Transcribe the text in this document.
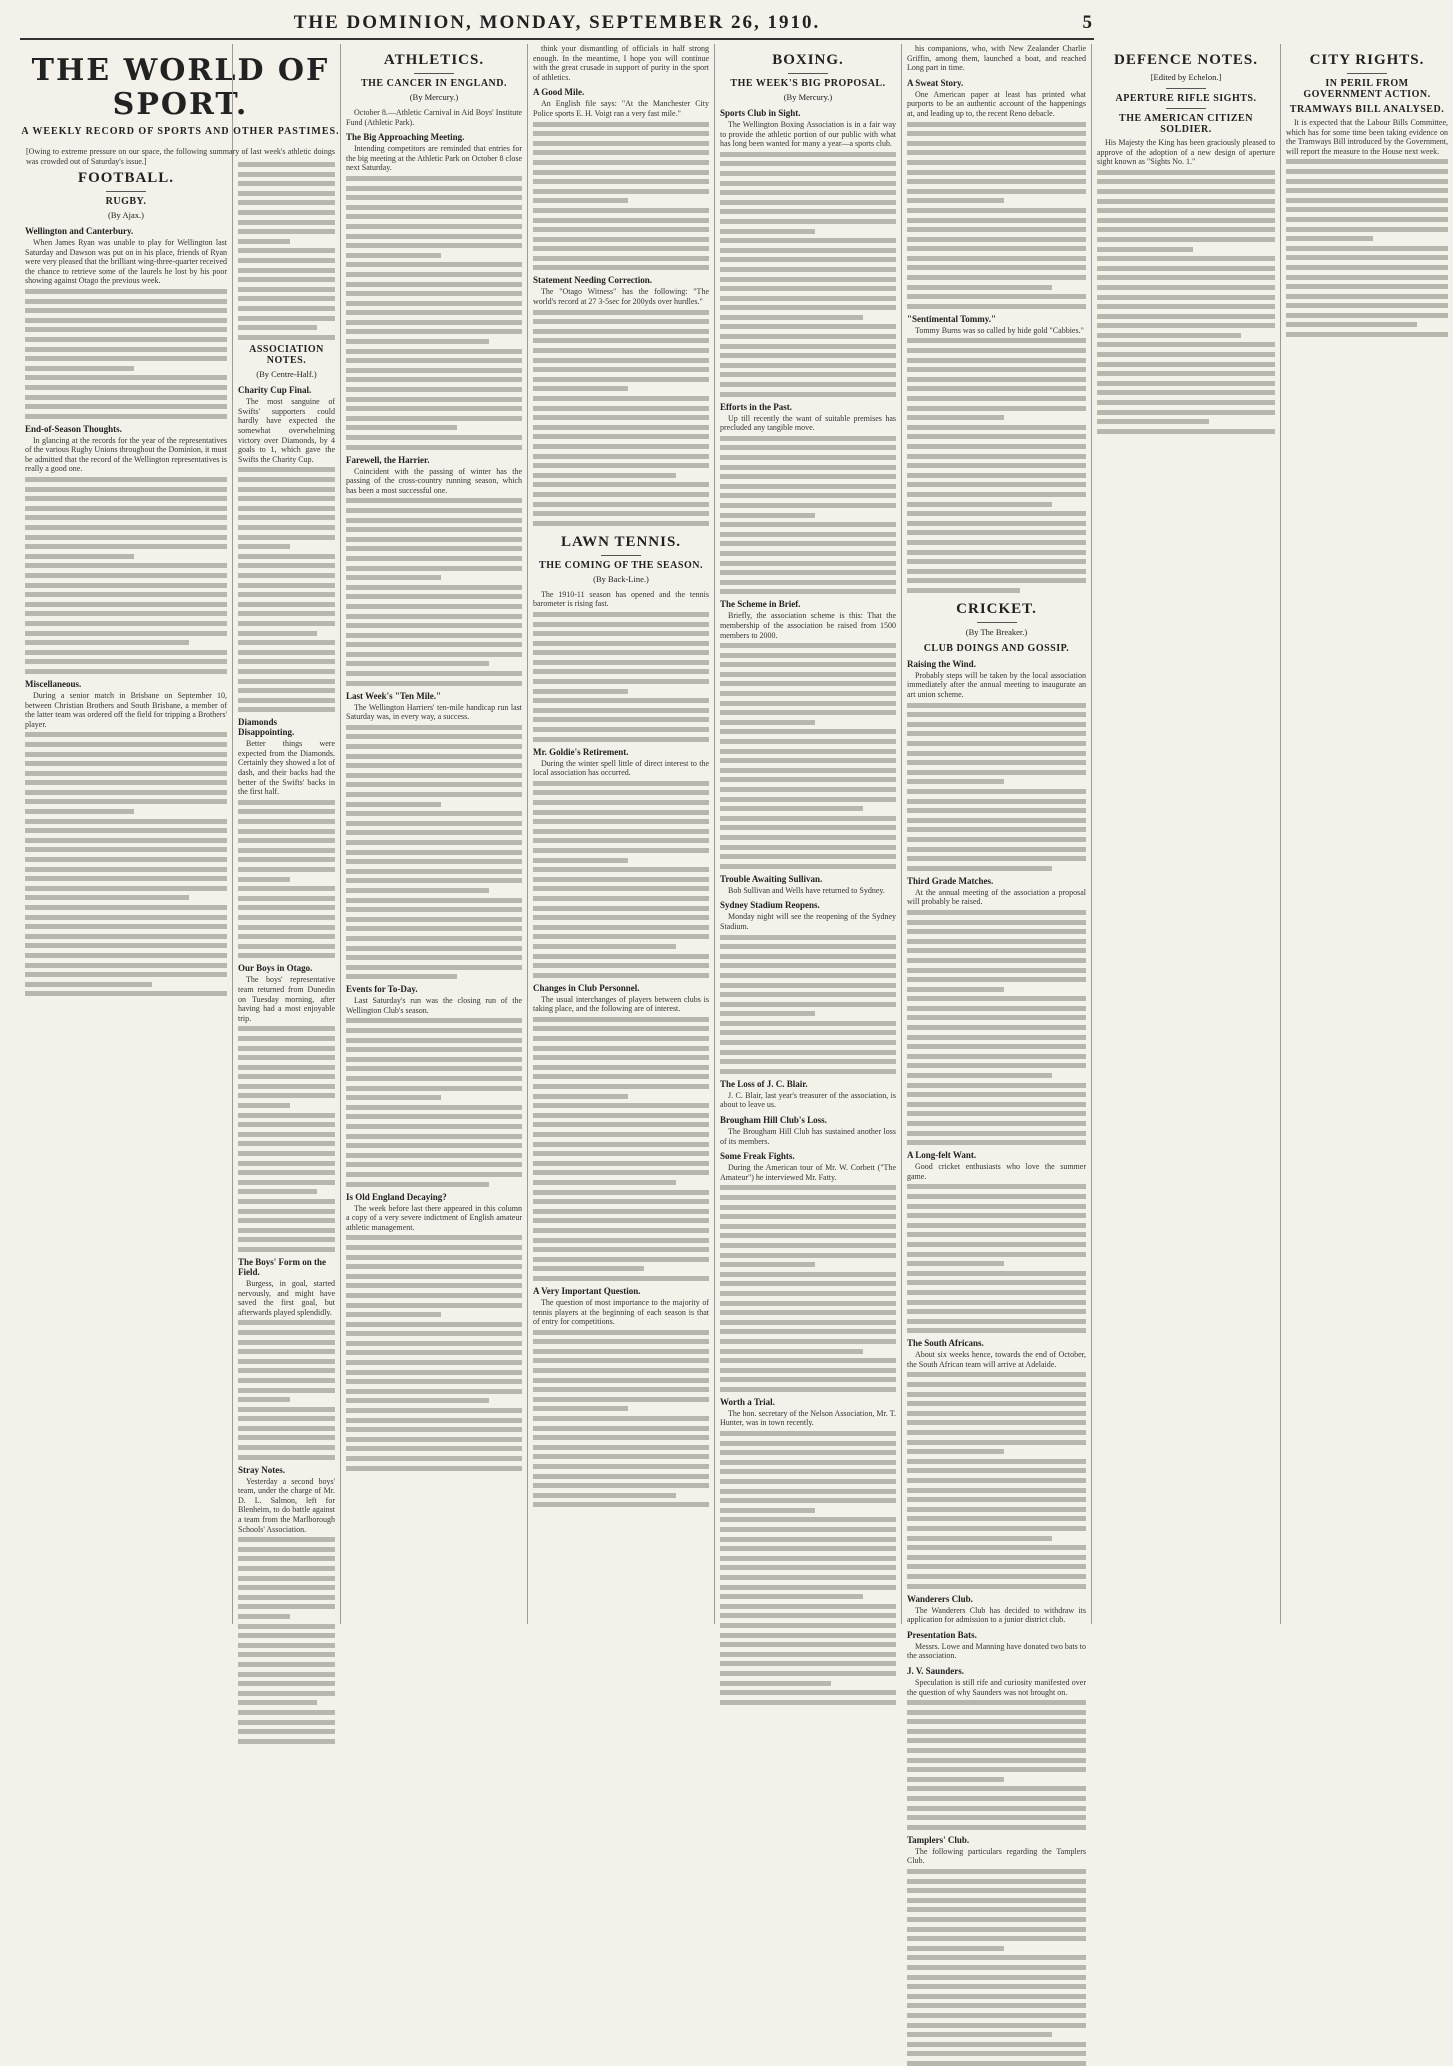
THE DOMINION, MONDAY, SEPTEMBER 26, 1910.	5
THE WORLD OF SPORT.
A WEEKLY RECORD OF SPORTS AND OTHER PASTIMES.
[Owing to extreme pressure on our space, the following summary of last week's athletic doings was crowded out of Saturday's issue.]
FOOTBALL.
RUGBY.
(By Ajax.)
Wellington and Canterbury.

When James Ryan was unable to play for Wellington last Saturday and Dawson was put on in his place, friends of Ryan were very pleased that the brilliant wing-three-quarter received the chance to retrieve some of the laurels he lost by his poor showing against Otago the previous week.

End-of-Season Thoughts.

In glancing at the records for the year of the representatives of the various Rugby Unions throughout the Dominion, it must be admitted that the record of the Wellington representatives is really a good one.

Miscellaneous.

During a senior match in Brisbane on September 10, between Christian Brothers and South Brisbane, a member of the latter team was ordered off the field for tripping a Brothers' player.

ASSOCIATION NOTES.
(By Centre-Half.)
Charity Cup Final.

The most sanguine of Swifts' supporters could hardly have expected the somewhat overwhelming victory over Diamonds, by 4 goals to 1, which gave the Swifts the Charity Cup.

Diamonds Disappointing.

Better things were expected from the Diamonds. Certainly they showed a lot of dash, and their backs had the better of the Swifts' backs in the first half.

Our Boys in Otago.

The boys' representative team returned from Dunedin on Tuesday morning, after having had a most enjoyable trip.

The Boys' Form on the Field.

Burgess, in goal, started nervously, and might have saved the first goal, but afterwards played splendidly.

Stray Notes.

Yesterday a second boys' team, under the charge of Mr. D. L. Salmon, left for Blenheim, to do battle against a team from the Marlborough Schools' Association.

ATHLETICS.
THE CANCER IN ENGLAND.
(By Mercury.)

October 8.—Athletic Carnival in Aid Boys' Institute Fund (Athletic Park).

The Big Approaching Meeting.

Intending competitors are reminded that entries for the big meeting at the Athletic Park on October 8 close next Saturday.

Farewell, the Harrier.

Coincident with the passing of winter has the passing of the cross-country running season, which has been a most successful one.

Last Week's "Ten Mile."

The Wellington Harriers' ten-mile handicap run last Saturday was, in every way, a success.

Events for To-Day.

Last Saturday's run was the closing run of the Wellington Club's season.

Is Old England Decaying?

The week before last there appeared in this column a copy of a very severe indictment of English amateur athletic management.

think your dismantling of officials in half strong enough. In the meantime, I hope you will continue with the great crusade in support of purity in the sport of athletics.

A Good Mile.

An English file says: "At the Manchester City Police sports E. H. Voigt ran a very fast mile."

Statement Needing Correction.

The "Otago Witness" has the following: "The world's record at 27 3-5sec for 200yds over hurdles."

LAWN TENNIS.
THE COMING OF THE SEASON.
(By Back-Line.)

The 1910-11 season has opened and the tennis barometer is rising fast.

Mr. Goldie's Retirement.

During the winter spell little of direct interest to the local association has occurred.

Changes in Club Personnel.

The usual interchanges of players between clubs is taking place, and the following are of interest.

A Very Important Question.

The question of most importance to the majority of tennis players at the beginning of each season is that of entry for competitions.

BOXING.
THE WEEK'S BIG PROPOSAL.
(By Mercury.)
Sports Club in Sight.

The Wellington Boxing Association is in a fair way to provide the athletic portion of our public with what has long been wanted for many a year—a sports club.

Efforts in the Past.

Up till recently the want of suitable premises has precluded any tangible move.

The Scheme in Brief.

Briefly, the association scheme is this: That the membership of the association be raised from 1500 members to 2000.

Trouble Awaiting Sullivan.

Bob Sullivan and Wells have returned to Sydney.

Sydney Stadium Reopens.

Monday night will see the reopening of the Sydney Stadium.

The Loss of J. C. Blair.

J. C. Blair, last year's treasurer of the association, is about to leave us.

Brougham Hill Club's Loss.

The Brougham Hill Club has sustained another loss of its members.

Some Freak Fights.

During the American tour of Mr. W. Corbett ("The Amateur") he interviewed Mr. Fatty.

Worth a Trial.

The hon. secretary of the Nelson Association, Mr. T. Hunter, was in town recently.

his companions, who, with New Zealander Charlie Griffin, among them, launched a boat, and reached Long part in time.

A Sweat Story.

One American paper at least has printed what purports to be an authentic account of the happenings at, and leading up to, the recent Reno debacle.

"Sentimental Tommy."

Tommy Burns was so called by hide gold "Cabbies."

CRICKET.
(By The Breaker.)
CLUB DOINGS AND GOSSIP.
Raising the Wind.

Probably steps will be taken by the local association immediately after the annual meeting to inaugurate an art union scheme.

Third Grade Matches.

At the annual meeting of the association a proposal will probably be raised.

A Long-felt Want.

Good cricket enthusiasts who love the summer game.

The South Africans.

About six weeks hence, towards the end of October, the South African team will arrive at Adelaide.

Wanderers Club.

The Wanderers Club has decided to withdraw its application for admission to a junior district club.

Presentation Bats.

Messrs. Lowe and Manning have donated two bats to the association.

J. V. Saunders.

Speculation is still rife and curiosity manifested over the question of why Saunders was not brought on.

Tamplers' Club.

The following particulars regarding the Tamplers Club.

DEFENCE NOTES.
[Edited by Echelon.]
APERTURE RIFLE SIGHTS.
THE AMERICAN CITIZEN SOLDIER.

His Majesty the King has been graciously pleased to approve of the adoption of a new design of aperture sight known as "Sights No. 1."

CITY RIGHTS.
IN PERIL FROM GOVERNMENT ACTION.
TRAMWAYS BILL ANALYSED.

It is expected that the Labour Bills Committee, which has for some time been taking evidence on the Tramways Bill introduced by the Government, will report the measure to the House next week.
